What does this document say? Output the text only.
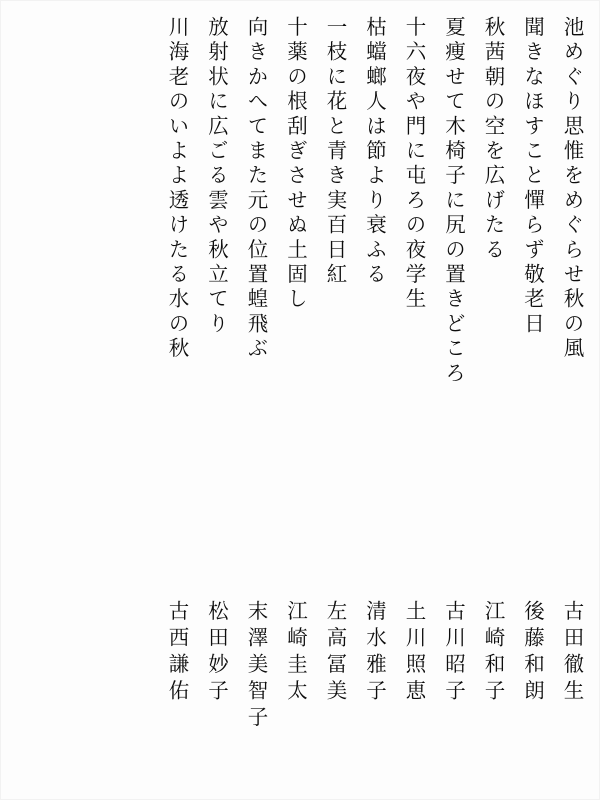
池めぐり思惟をめぐらせ秋の風
聞きなほすこと憚らず敬老日
秋茜朝の空を広げたる
夏痩せて木椅子に尻の置きどころ
十六夜や門に屯ろの夜学生
枯蟷螂人は節より衰ふる
一枝に花と青き実百日紅
十薬の根刮ぎさせぬ土固し
向きかへてまた元の位置蝗飛ぶ
放射状に広ごる雲や秋立てり
川海老のいよよ透けたる水の秋
古田徹生
後藤和朗
江崎和子
古川昭子
土川照恵
清水雅子
左高冨美
江崎圭太
末澤美智子
松田妙子
古西謙佑
